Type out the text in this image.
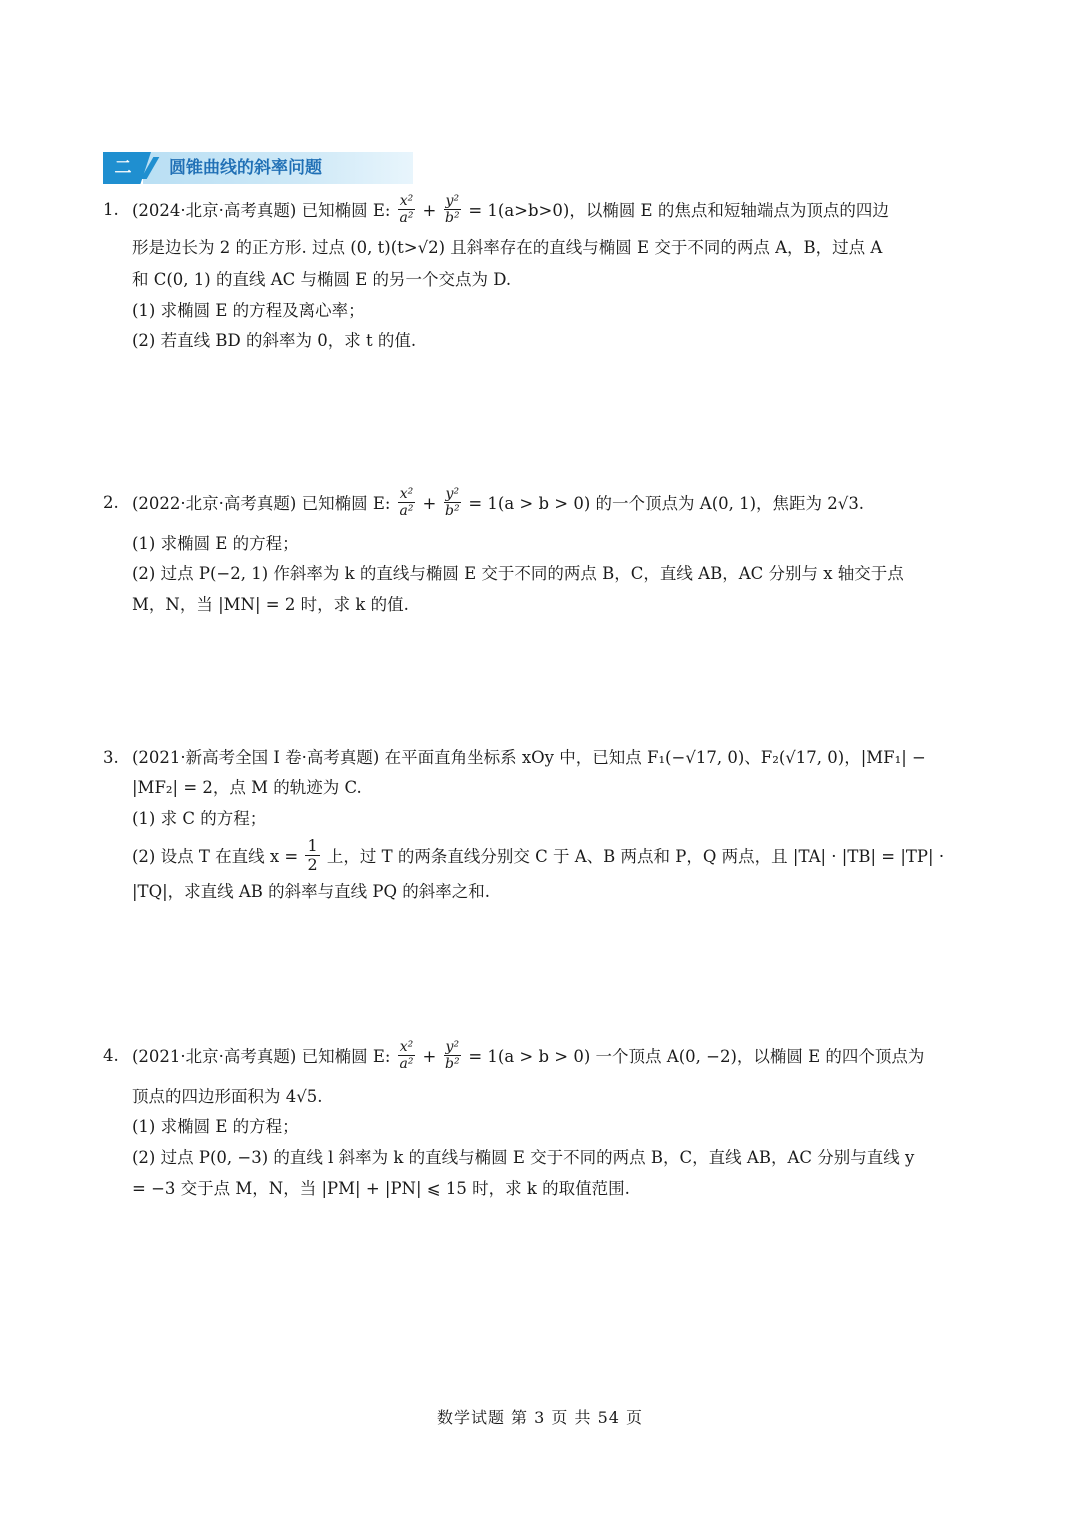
二	圆锥曲线的斜率问题
1. (2024·北京·高考真题) 已知椭圆 E: $\frac{\text{x²}}{\text{a²}} + \frac{\text{y²}}{\text{b²}} = 1(a>b>0)$，以椭圆 E 的焦点和短轴端点为顶点的四边
形是边长为 2 的正方形. 过点 (0, t)(t>√2) 且斜率存在的直线与椭圆 E 交于不同的两点 A，B，过点 A
和 C(0, 1) 的直线 AC 与椭圆 E 的另一个交点为 D.
(1) 求椭圆 E 的方程及离心率；
(2) 若直线 BD 的斜率为 0，求 t 的值.
2. (2022·北京·高考真题) 已知椭圆 E: $\frac{\text{x²}}{\text{a²}} + \frac{\text{y²}}{\text{b²}} = 1(a > b > 0)$ 的一个顶点为 A(0, 1)，焦距为 2√3.
(1) 求椭圆 E 的方程；
(2) 过点 P(−2, 1) 作斜率为 k 的直线与椭圆 E 交于不同的两点 B，C，直线 AB，AC 分别与 x 轴交于点
M，N，当 |MN| = 2 时，求 k 的值.
3. (2021·新高考全国 Ⅰ 卷·高考真题) 在平面直角坐标系 xOy 中，已知点 F₁(−√17, 0)、F₂(√17, 0)，|MF₁| −
|MF₂| = 2，点 M 的轨迹为 C.
(1) 求 C 的方程；
(2) 设点 T 在直线 $x = \frac{1}{2}$ 上，过 T 的两条直线分别交 C 于 A、B 两点和 P，Q 两点，且 |TA| · |TB| = |TP| ·
|TQ|，求直线 AB 的斜率与直线 PQ 的斜率之和.
4. (2021·北京·高考真题) 已知椭圆 E: $\frac{\text{x²}}{\text{a²}} + \frac{\text{y²}}{\text{b²}} = 1(a > b > 0)$ 一个顶点 A(0, −2)，以椭圆 E 的四个顶点为
顶点的四边形面积为 4√5.
(1) 求椭圆 E 的方程；
(2) 过点 P(0, −3) 的直线 l 斜率为 k 的直线与椭圆 E 交于不同的两点 B，C，直线 AB，AC 分别与直线 y
= −3 交于点 M，N，当 |PM| + |PN| ⩽ 15 时，求 k 的取值范围.
数学试题 第 3 页 共 54 页
